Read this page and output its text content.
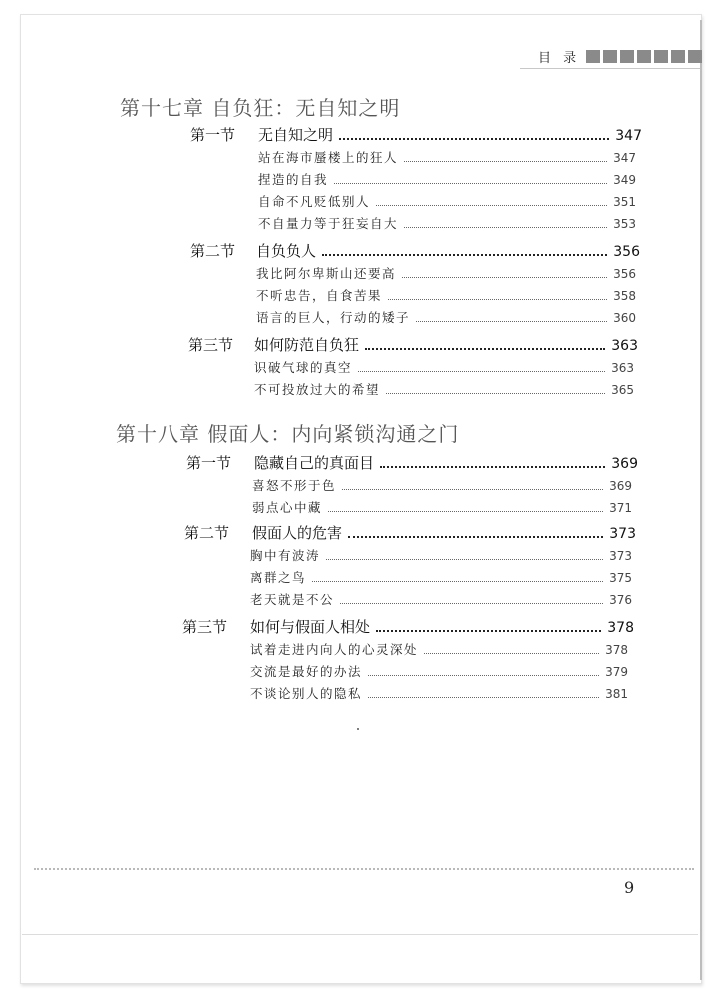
目 录
第十七章 自负狂：无自知之明
第一节 无自知之明	347
站在海市蜃楼上的狂人	347
捏造的自我	349
自命不凡贬低别人	351
不自量力等于狂妄自大	353
第二节 自负负人	356
我比阿尔卑斯山还要高	356
不听忠告，自食苦果	358
语言的巨人，行动的矮子	360
第三节 如何防范自负狂	363
识破气球的真空	363
不可投放过大的希望	365
第十八章 假面人：内向紧锁沟通之门
第一节 隐藏自己的真面目	369
喜怒不形于色	369
弱点心中藏	371
第二节 假面人的危害	373
胸中有波涛	373
离群之鸟	375
老天就是不公	376
第三节 如何与假面人相处	378
试着走进内向人的心灵深处	378
交流是最好的办法	379
不谈论别人的隐私	381
9
